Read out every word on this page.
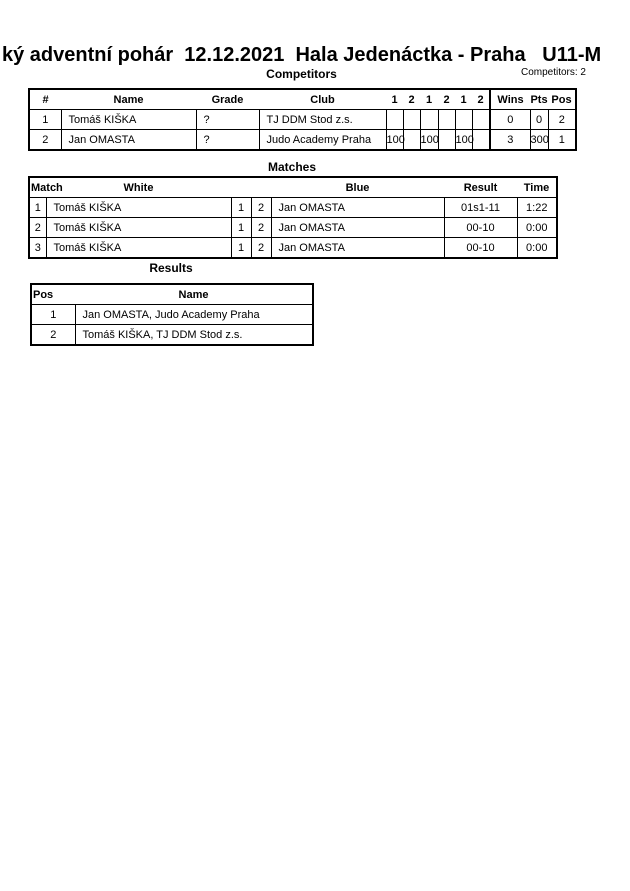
ký adventní pohár  12.12.2021  Hala Jedenáctka - Praha   U11-M
Competitors	Competitors: 2
#	Name	Grade	Club	1	2	1	2	1	2	Wins	Pts	Pos
1	Tomáš KIŠKA	?	TJ DDM Stod z.s.							0	0	2
2	Jan OMASTA	?	Judo Academy Praha	100		100		100		3	300	1
Matches
Match	White			Blue	Result	Time
1	Tomáš KIŠKA	1	2	Jan OMASTA	01s1-11	1:22
2	Tomáš KIŠKA	1	2	Jan OMASTA	00-10	0:00
3	Tomáš KIŠKA	1	2	Jan OMASTA	00-10	0:00
Results
Pos	Name
1	Jan OMASTA, Judo Academy Praha
2	Tomáš KIŠKA, TJ DDM Stod z.s.
